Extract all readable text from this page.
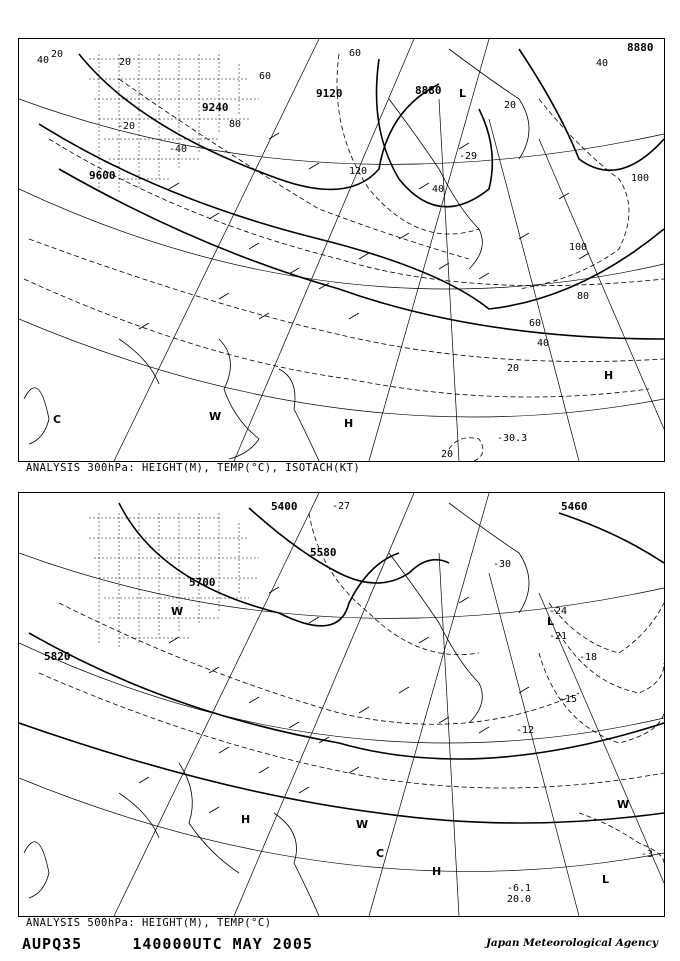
8880
8880
9120
9240
9600
20
40
60
80
100
40
60
80
100
120
20
40
60
20
40
20
20
-40
-20
-30.3
-29
L
C	W
H
H
ANALYSIS 300hPa: HEIGHT(M), TEMP(°C), ISOTACH(KT)
5400
5580
5700
5820
5460
-27
-30
-24
-21
-18
-15
-12
-3
-6.1
20.0
L
W
H	W
C
H
W
L
ANALYSIS 500hPa: HEIGHT(M), TEMP(°C)
AUPQ35     140000UTC MAY 2005	Japan Meteorological Agency
